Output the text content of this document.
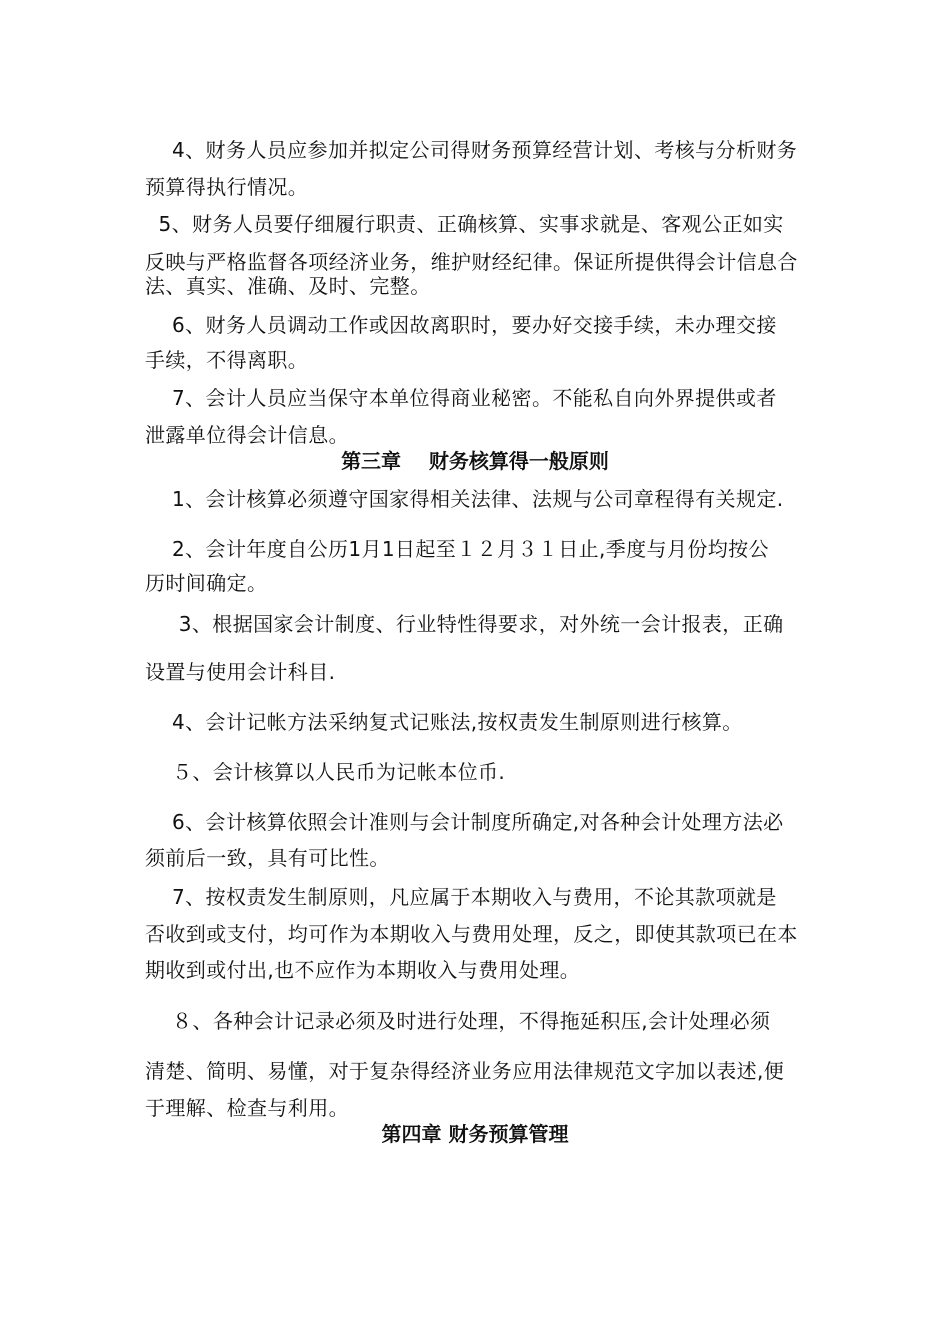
4、财务人员应参加并拟定公司得财务预算经营计划、考核与分析财务
预算得执行情况。
5、财务人员要仔细履行职责、正确核算、实事求就是、客观公正如实
反映与严格监督各项经济业务，维护财经纪律。保证所提供得会计信息合
法、真实、准确、及时、完整。
6、财务人员调动工作或因故离职时，要办好交接手续，未办理交接
手续，不得离职。
7、会计人员应当保守本单位得商业秘密。不能私自向外界提供或者
泄露单位得会计信息。
第三章    财务核算得一般原则
1、会计核算必须遵守国家得相关法律、法规与公司章程得有关规定.
2、会计年度自公历1月1日起至１２月３１日止,季度与月份均按公
历时间确定。
3、根据国家会计制度、行业特性得要求，对外统一会计报表，正确
设置与使用会计科目.
4、会计记帐方法采纳复式记账法,按权责发生制原则进行核算。
５、会计核算以人民币为记帐本位币.
6、会计核算依照会计准则与会计制度所确定,对各种会计处理方法必
须前后一致，具有可比性。
7、按权责发生制原则，凡应属于本期收入与费用，不论其款项就是
否收到或支付，均可作为本期收入与费用处理，反之，即使其款项已在本
期收到或付出,也不应作为本期收入与费用处理。
８、各种会计记录必须及时进行处理，不得拖延积压,会计处理必须
清楚、简明、易懂，对于复杂得经济业务应用法律规范文字加以表述,便
于理解、检查与利用。
第四章 财务预算管理
